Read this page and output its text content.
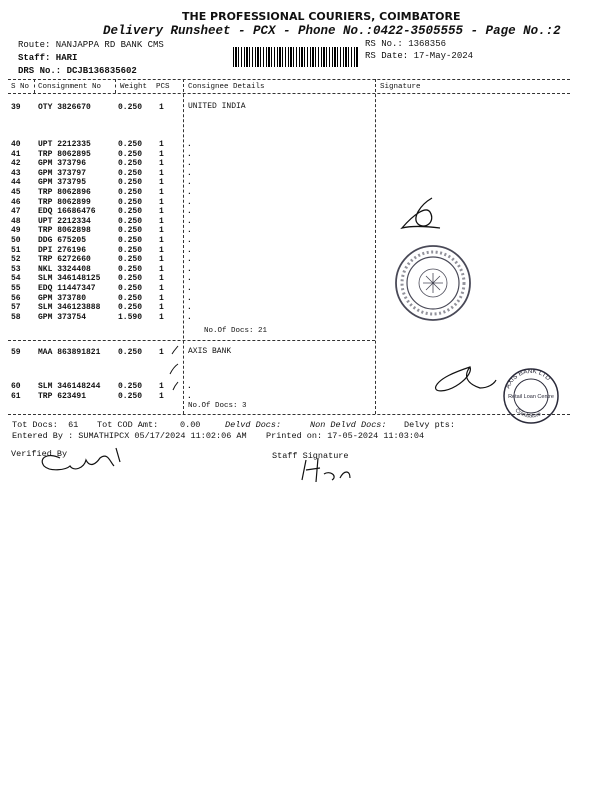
THE PROFESSIONAL COURIERS, COIMBATORE
Delivery Runsheet - PCX - Phone No.:0422-3505555 - Page No.:2
Route: NANJAPPA RD BANK CMS
Staff: HARI
DRS No.: DCJB136835602
RS No.: 1368356
RS Date: 17-May-2024
S No Consignment No	Weight PCS Consignee Details	Signature
UNITED INDIA
39 OTY 3826670	0.250 1
40 UPT 2212335	0.250 1	.
41 TRP 8062895	0.250 1	.
42 GPM 373796	0.250 1	.
43 GPM 373797	0.250 1	.
44 GPM 373795	0.250 1	.
45 TRP 8062896	0.250 1	.
46 TRP 8062899	0.250 1	.
47 EDQ 16686476	0.250 1	.
48 UPT 2212334	0.250 1	.
49 TRP 8062898	0.250 1	.
50 DDG 675205	0.250 1	.
51 DPI 276196	0.250 1	.
52 TRP 6272660	0.250 1	.
53 NKL 3324408	0.250 1	.
54 SLM 346148125 0.250 1	.
55 EDQ 11447347	0.250 1	.
56 GPM 373780	0.250 1	.
57 SLM 346123888 0.250 1	.
58 GPM 373754	1.590 1	.
No.Of Docs: 21
AXIS BANK
59 MAA 863891821 0.250 1
60 SLM 346148244 0.250 1	.
61 TRP 623491	0.250 1	.
No.Of Docs: 3
Tot Docs:  61 Tot COD Amt:	0.00	Delvd Docs:	Non Delvd Docs: Delvy pts:
Entered By : SUMATHIPCX 05/17/2024 11:02:06 AM Printed on: 17-05-2024 11:03:04
Verified By	Staff Signature
AXIS BANK LTD
Coimbatore
Retail Loan Centre
